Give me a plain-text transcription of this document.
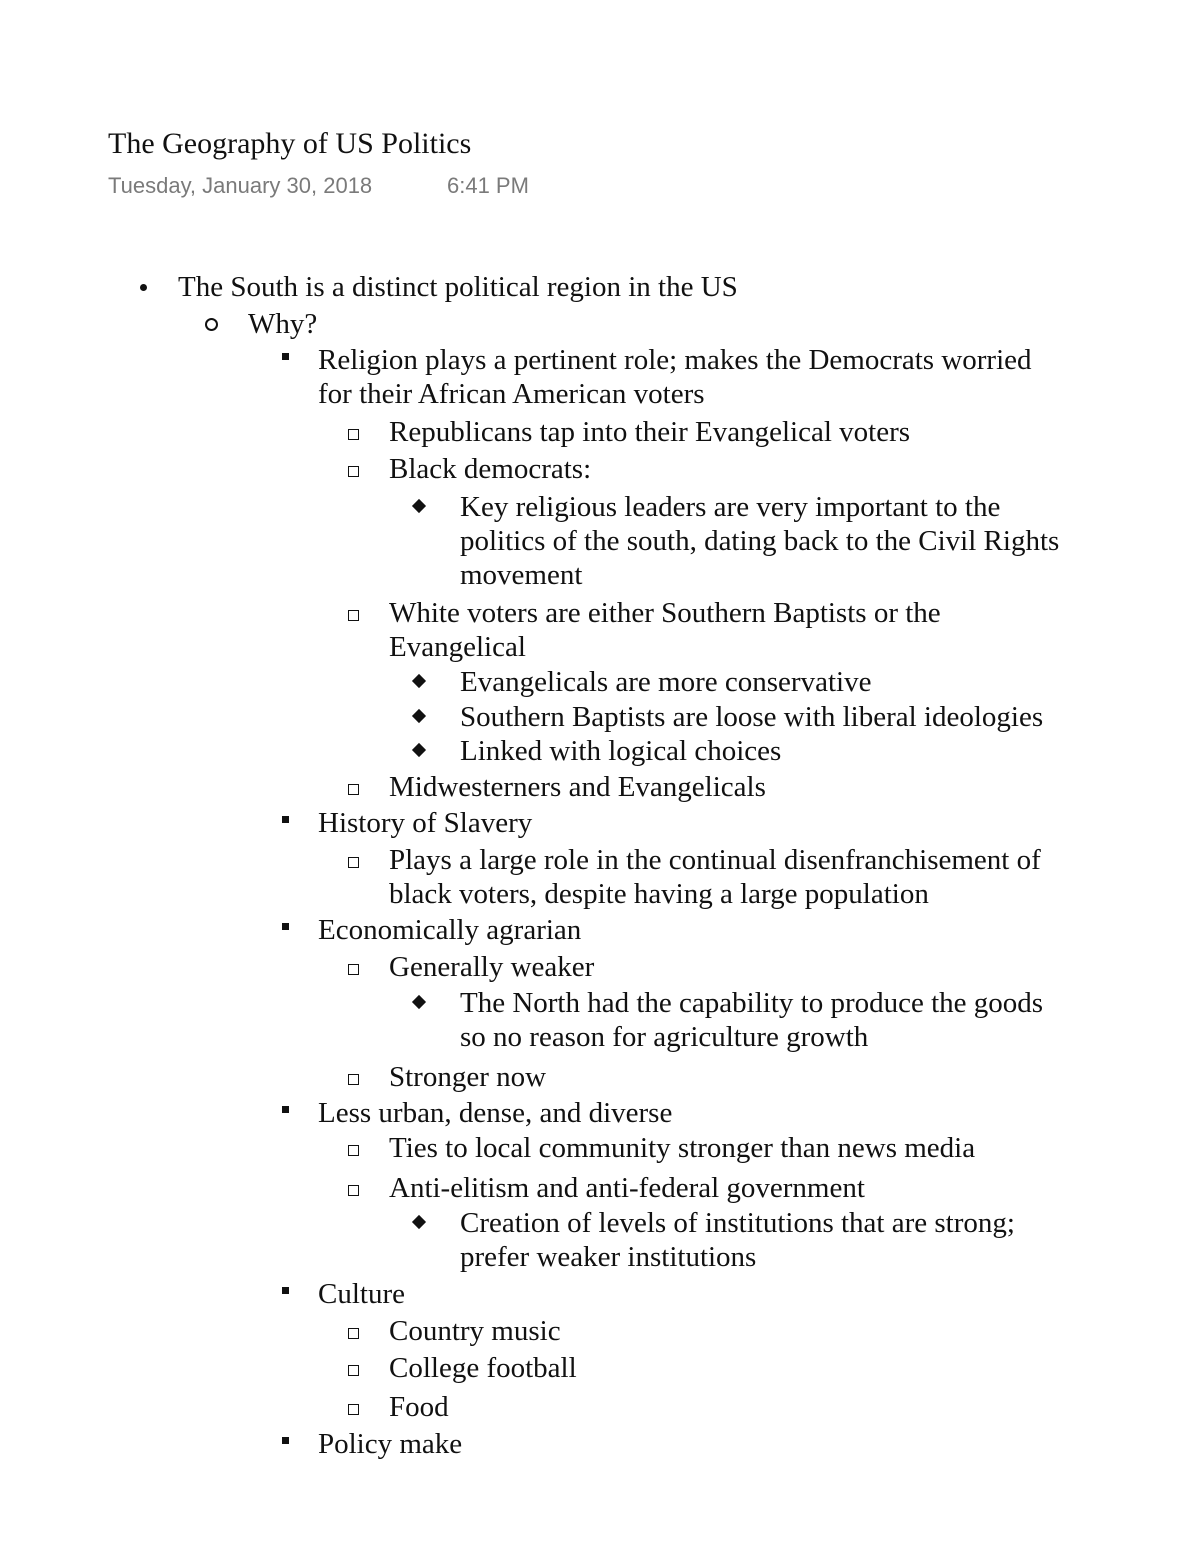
The Geography of US Politics
Tuesday, January 30, 2018	6:41 PM
The South is a distinct political region in the US
Why?
Religion plays a pertinent role; makes the Democrats worried
for their African American voters
Republicans tap into their Evangelical voters
Black democrats:
Key religious leaders are very important to the
politics of the south, dating back to the Civil Rights
movement
White voters are either Southern Baptists or the
Evangelical
Evangelicals are more conservative
Southern Baptists are loose with liberal ideologies
Linked with logical choices
Midwesterners and Evangelicals
History of Slavery
Plays a large role in the continual disenfranchisement of
black voters, despite having a large population
Economically agrarian
Generally weaker
The North had the capability to produce the goods
so no reason for agriculture growth
Stronger now
Less urban, dense, and diverse
Ties to local community stronger than news media
Anti-elitism and anti-federal government
Creation of levels of institutions that are strong;
prefer weaker institutions
Culture
Country music
College football
Food
Policy make
